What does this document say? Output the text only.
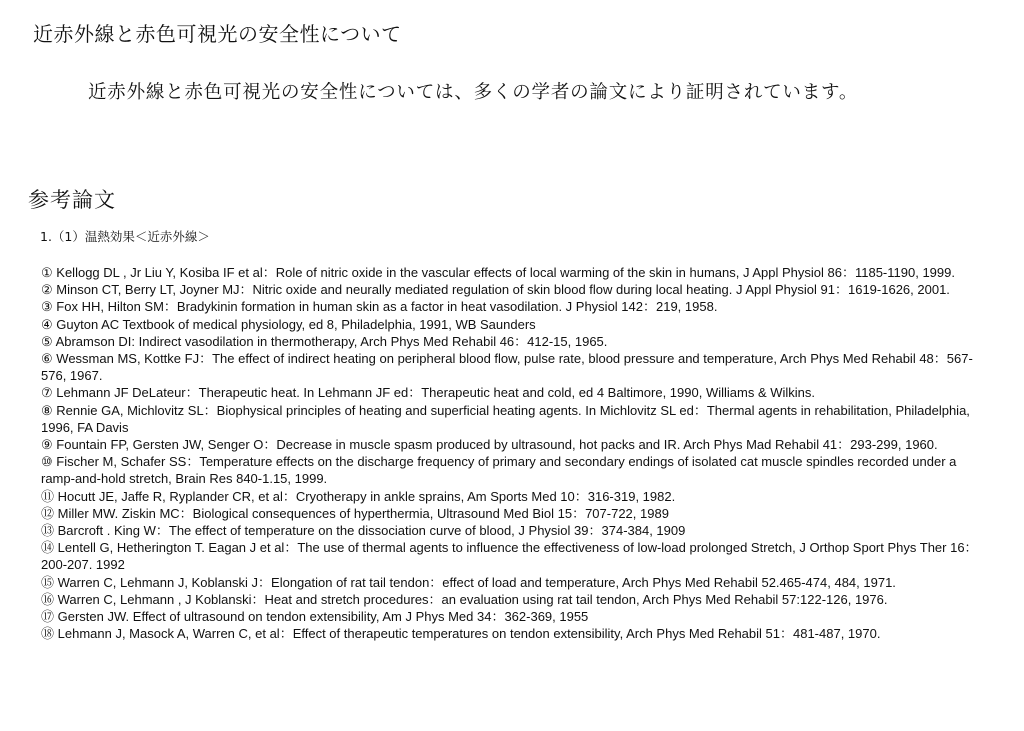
近赤外線と赤色可視光の安全性について
近赤外線と赤色可視光の安全性については、多くの学者の論文により証明されています。
参考論文
1.（1）温熱効果＜近赤外線＞
① Kellogg DL , Jr Liu Y, Kosiba IF et al：Role of nitric oxide in the vascular effects of local warming of the skin in humans, J Appl Physiol 86：1185-1190, 1999.
② Minson CT, Berry LT, Joyner MJ：Nitric oxide and neurally mediated regulation of skin blood flow during local heating. J Appl Physiol 91：1619-1626, 2001.
③ Fox HH, Hilton SM：Bradykinin formation in human skin as a factor in heat vasodilation. J Physiol 142：219, 1958.
④ Guyton AC Textbook of medical physiology, ed 8, Philadelphia, 1991, WB Saunders
⑤ Abramson DI: Indirect vasodilation in thermotherapy, Arch Phys Med Rehabil 46：412-15, 1965.
⑥ Wessman MS, Kottke FJ：The effect of indirect heating on peripheral blood flow, pulse rate, blood pressure and temperature, Arch Phys Med Rehabil 48：567-576, 1967.
⑦ Lehmann JF DeLateur：Therapeutic heat. In Lehmann JF ed：Therapeutic heat and cold, ed 4 Baltimore, 1990, Williams & Wilkins.
⑧ Rennie GA, Michlovitz SL：Biophysical principles of heating and superficial heating agents. In Michlovitz SL ed：Thermal agents in rehabilitation, Philadelphia, 1996, FA Davis
⑨ Fountain FP, Gersten JW, Senger O：Decrease in muscle spasm produced by ultrasound, hot packs and IR. Arch Phys Mad Rehabil 41：293-299, 1960.
⑩ Fischer M, Schafer SS：Temperature effects on the discharge frequency of primary and secondary endings of isolated cat muscle spindles recorded under a ramp-and-hold stretch, Brain Res 840-1.15, 1999.
⑪ Hocutt JE, Jaffe R, Ryplander CR, et al：Cryotherapy in ankle sprains, Am Sports Med 10：316-319, 1982.
⑫ Miller MW. Ziskin MC：Biological consequences of hyperthermia, Ultrasound Med Biol 15：707-722, 1989
⑬ Barcroft . King W：The effect of temperature on the dissociation curve of blood, J Physiol 39：374-384, 1909
⑭ Lentell G, Hetherington T. Eagan J et al：The use of thermal agents to influence the effectiveness of low-load prolonged Stretch, J Orthop Sport Phys Ther 16：200-207. 1992
⑮ Warren C, Lehmann J, Koblanski J：Elongation of rat tail tendon：effect of load and temperature, Arch Phys Med Rehabil 52.465-474, 484, 1971.
⑯ Warren C, Lehmann , J Koblanski：Heat and stretch procedures：an evaluation using rat tail tendon, Arch Phys Med Rehabil 57:122-126, 1976.
⑰ Gersten JW. Effect of ultrasound on tendon extensibility, Am J Phys Med 34：362-369, 1955
⑱ Lehmann J, Masock A, Warren C, et al：Effect of therapeutic temperatures on tendon extensibility, Arch Phys Med Rehabil 51：481-487, 1970.
